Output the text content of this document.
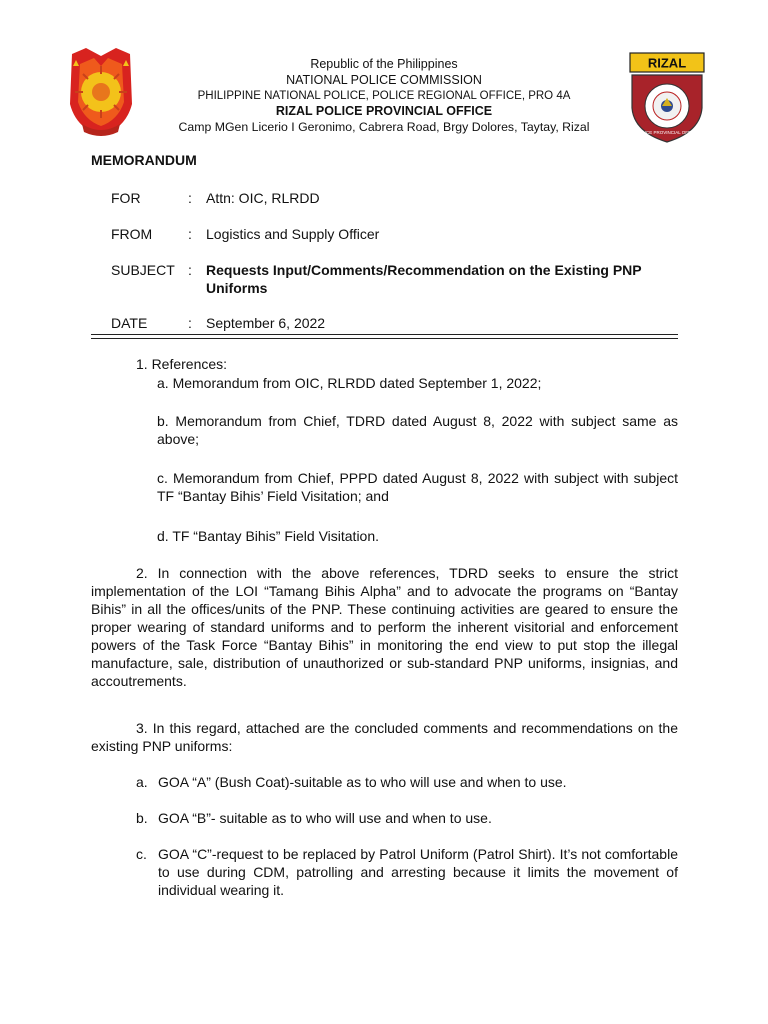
Republic of the Philippines
NATIONAL POLICE COMMISSION
PHILIPPINE NATIONAL POLICE, POLICE REGIONAL OFFICE, PRO 4A
RIZAL POLICE PROVINCIAL OFFICE
Camp MGen Licerio I Geronimo, Cabrera Road, Brgy Dolores, Taytay, Rizal
RIZAL
POLICE PROVINCIAL OFFICE
MEMORANDUM
FOR	: Attn: OIC, RLRDD
FROM	: Logistics and Supply Officer
SUBJECT : Requests Input/Comments/Recommendation on the Existing PNP
Uniforms
DATE	: September 6, 2022
1. References:
a. Memorandum from OIC, RLRDD dated September 1, 2022;
b. Memorandum from Chief, TDRD dated August 8, 2022 with subject same as above;
c. Memorandum from Chief, PPPD dated August 8, 2022 with subject with subject TF “Bantay Bihis’ Field Visitation; and
d. TF “Bantay Bihis” Field Visitation.
2. In connection with the above references, TDRD seeks to ensure the strict implementation of the LOI “Tamang Bihis Alpha” and to advocate the programs on “Bantay Bihis” in all the offices/units of the PNP. These continuing activities are geared to ensure the proper wearing of standard uniforms and to perform the inherent visitorial and enforcement powers of the Task Force “Bantay Bihis” in monitoring the end view to put stop the illegal manufacture, sale, distribution of unauthorized or sub-standard PNP uniforms, insignias, and accoutrements.
3. In this regard, attached are the concluded comments and recommendations on the existing PNP uniforms:
a. GOA “A” (Bush Coat)-suitable as to who will use and when to use.
b. GOA “B”- suitable as to who will use and when to use.
c. GOA “C”-request to be replaced by Patrol Uniform (Patrol Shirt). It’s not comfortable to use during CDM, patrolling and arresting because it limits the movement of individual wearing it.
